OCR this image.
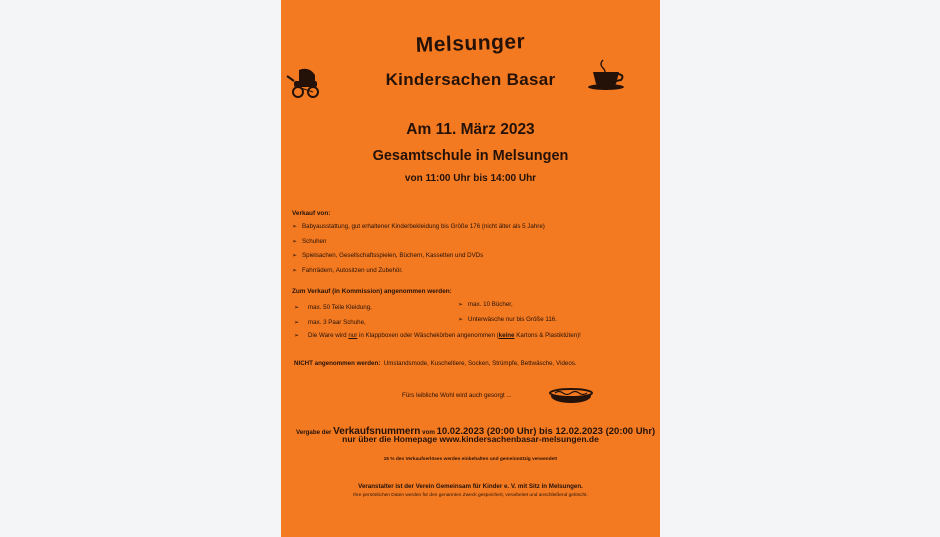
Melsunger
Kindersachen Basar
Am 11. März 2023
Gesamtschule in Melsungen
von 11:00 Uhr bis 14:00 Uhr
Verkauf von:
➢ Babyausstattung, gut erhaltener Kinderbekleidung bis Größe 176 (nicht älter als 5 Jahre)
➢ Schuhen
➢ Spielsachen, Gesellschaftsspielen, Büchern, Kassetten und DVDs
➢ Fahrrädern, Autositzen und Zubehör.
Zum Verkauf (in Kommission) angenommen werden:
➢ max. 50 Teile Kleidung,
➢ max. 3 Paar Schuhe,
➢ max. 10 Bücher,
➢ Unterwäsche nur bis Größe 116.
➢ Die Ware wird nur in Klappboxen oder Wäschekörben angenommen (keine Kartons & Plastiktüten)!
NICHT angenommen werden: Umstandsmode, Kuscheltiere, Socken, Strümpfe, Bettwäsche, Videos.
Fürs leibliche Wohl wird auch gesorgt ...
Vergabe der Verkaufsnummern vom 10.02.2023 (20:00 Uhr) bis 12.02.2023 (20:00 Uhr)
nur über die Homepage www.kindersachenbasar-melsungen.de
15 % des Verkaufserlöses werden einbehalten und gemeinnützig verwendet!
Veranstalter ist der Verein Gemeinsam für Kinder e. V. mit Sitz in Melsungen.
Ihre persönlichen Daten werden für den genannten Zweck gespeichert, verarbeitet und anschließend gelöscht.
